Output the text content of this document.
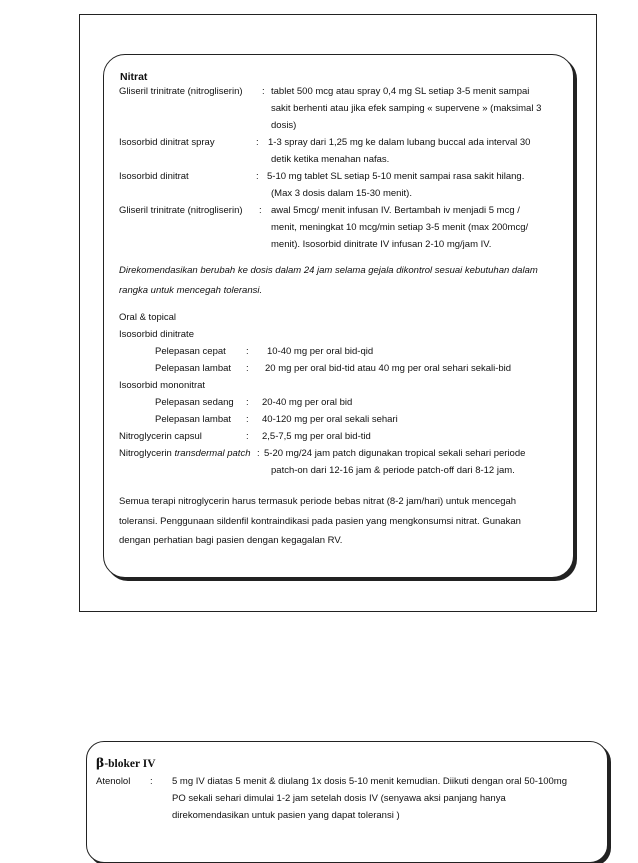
Nitrat
Gliseril trinitrate (nitrogliserin) : tablet 500 mcg atau spray 0,4 mg SL setiap 3-5 menit sampai
sakit berhenti atau jika efek samping « supervene » (maksimal 3
dosis)
Isosorbid dinitrat spray	: 1-3 spray dari 1,25 mg ke dalam lubang buccal ada interval 30
detik ketika menahan nafas.
Isosorbid dinitrat	: 5-10 mg tablet SL setiap 5-10 menit sampai rasa sakit hilang.
(Max 3 dosis dalam 15-30 menit).
Gliseril trinitrate (nitrogliserin) : awal 5mcg/ menit infusan IV. Bertambah iv menjadi 5 mcg /
menit, meningkat 10 mcg/min setiap 3-5 menit (max 200mcg/
menit). Isosorbid dinitrate IV infusan 2-10 mg/jam IV.
Direkomendasikan berubah ke dosis dalam 24 jam selama gejala dikontrol sesuai kebutuhan dalam
rangka untuk mencegah toleransi.
Oral & topical
Isosorbid dinitrate
Pelepasan cepat : 10-40 mg per oral bid-qid
Pelepasan lambat : 20 mg per oral bid-tid atau 40 mg per oral sehari sekali-bid
Isosorbid mononitrat
Pelepasan sedang : 20-40 mg per oral bid
Pelepasan lambat : 40-120 mg per oral sekali sehari
Nitroglycerin capsul	: 2,5-7,5 mg per oral bid-tid
Nitroglycerin transdermal patch : 5-20 mg/24 jam patch digunakan tropical sekali sehari periode
patch-on dari 12-16 jam & periode patch-off dari 8-12 jam.
Semua terapi nitroglycerin harus termasuk periode bebas nitrat (8-2 jam/hari) untuk mencegah
toleransi. Penggunaan sildenfil kontraindikasi pada pasien yang mengkonsumsi nitrat. Gunakan
dengan perhatian bagi pasien dengan kegagalan RV.
β-bloker IV
Atenolol : 5 mg IV diatas 5 menit & diulang 1x dosis 5-10 menit kemudian. Diikuti dengan oral 50-100mg
PO sekali sehari dimulai 1-2 jam setelah dosis IV (senyawa aksi panjang hanya
direkomendasikan untuk pasien yang dapat toleransi )
